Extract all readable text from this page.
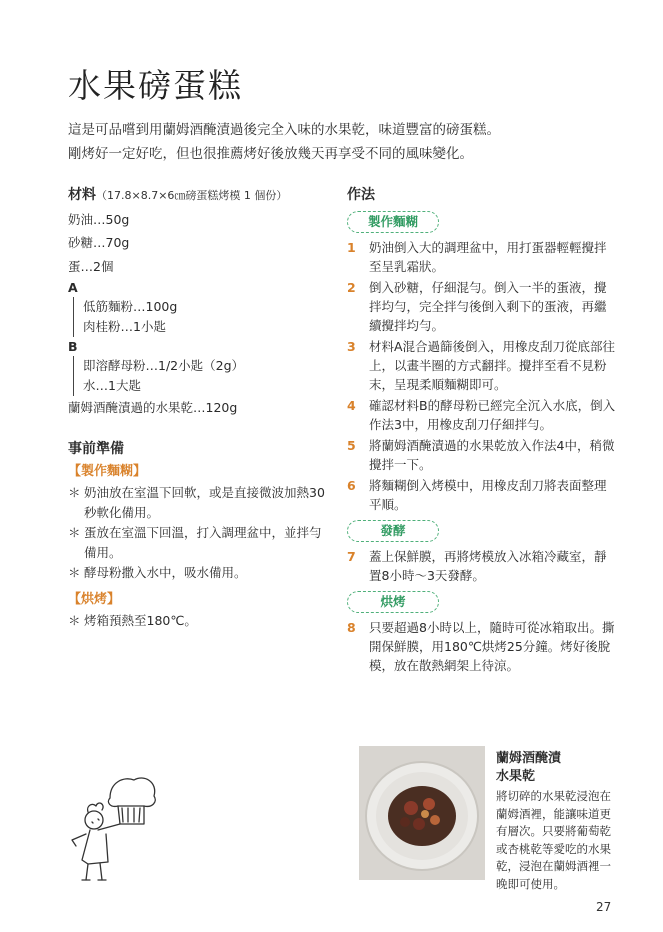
水果磅蛋糕
這是可品嚐到用蘭姆酒醃漬過後完全入味的水果乾，味道豐富的磅蛋糕。
剛烤好一定好吃，但也很推薦烤好後放幾天再享受不同的風味變化。
材料（17.8×8.7×6㎝磅蛋糕烤模 1 個份）
奶油…50g
砂糖…70g
蛋…2個
A
低筋麵粉…100g
肉桂粉…1小匙
B
即溶酵母粉…1/2小匙（2g）
水…1大匙
蘭姆酒醃漬過的水果乾…120g
事前準備
【製作麵糊】
＊ 奶油放在室溫下回軟，或是直接微波加熱30秒軟化備用。
＊ 蛋放在室溫下回溫，打入調理盆中，並拌勻備用。
＊ 酵母粉撒入水中，吸水備用。
【烘烤】
＊ 烤箱預熱至180℃。
作法
製作麵糊
1	奶油倒入大的調理盆中，用打蛋器輕輕攪拌至呈乳霜狀。
2	倒入砂糖，仔細混勻。倒入一半的蛋液，攪拌均勻，完全拌勻後倒入剩下的蛋液，再繼續攪拌均勻。
3	材料A混合過篩後倒入，用橡皮刮刀從底部往上，以畫半圈的方式翻拌。攪拌至看不見粉末，呈現柔順麵糊即可。
4	確認材料B的酵母粉已經完全沉入水底，倒入作法3中，用橡皮刮刀仔細拌勻。
5	將蘭姆酒醃漬過的水果乾放入作法4中，稍微攪拌一下。
6	將麵糊倒入烤模中，用橡皮刮刀將表面整理平順。
發酵
7	蓋上保鮮膜，再將烤模放入冰箱冷藏室，靜置8小時～3天發酵。
烘烤
8	只要超過8小時以上，隨時可從冰箱取出。撕開保鮮膜，用180℃烘烤25分鐘。烤好後脫模，放在散熱網架上待涼。
蘭姆酒醃漬
水果乾
將切碎的水果乾浸泡在
蘭姆酒裡，能讓味道更
有層次。只要將葡萄乾
或杏桃乾等愛吃的水果
乾，浸泡在蘭姆酒裡一
晚即可使用。
27
